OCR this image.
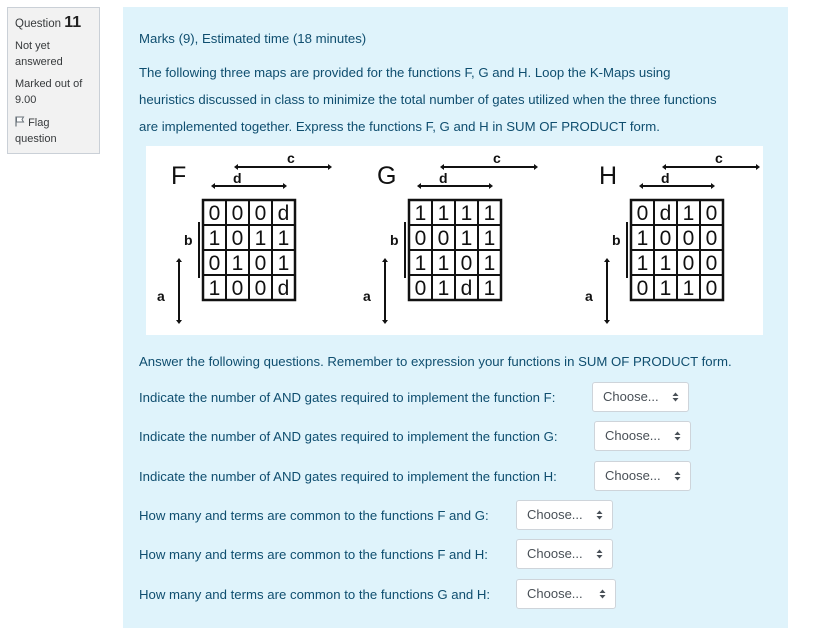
Question 11
Not yet answered
Marked out of 9.00
Flag question
Marks (9), Estimated time (18 minutes)
The following three maps are provided for the functions F, G and H. Loop the K-Maps using
heuristics discussed in class to minimize the total number of gates utilized when the three functions
are implemented together. Express the functions F, G and H in SUM OF PRODUCT form.
F
c
d
b
a
0 0 0 d
1 0 1 1
0 1 0 1
1 0 0 d
G
c
d
b
a
1 1 1 1
0 0 1 1
1 1 0 1
0 1 d 1
H
c
d
b
a
0 d 1 0
1 0 0 0
1 1 0 0
0 1 1 0
Answer the following questions. Remember to expression your functions in SUM OF PRODUCT form.
Indicate the number of AND gates required to implement the function F:	Choose...
Indicate the number of AND gates required to implement the function G:	Choose...
Indicate the number of AND gates required to implement the function H:	Choose...
How many and terms are common to the functions F and G:	Choose...
How many and terms are common to the functions F and H:	Choose...
How many and terms are common to the functions G and H:	Choose...
